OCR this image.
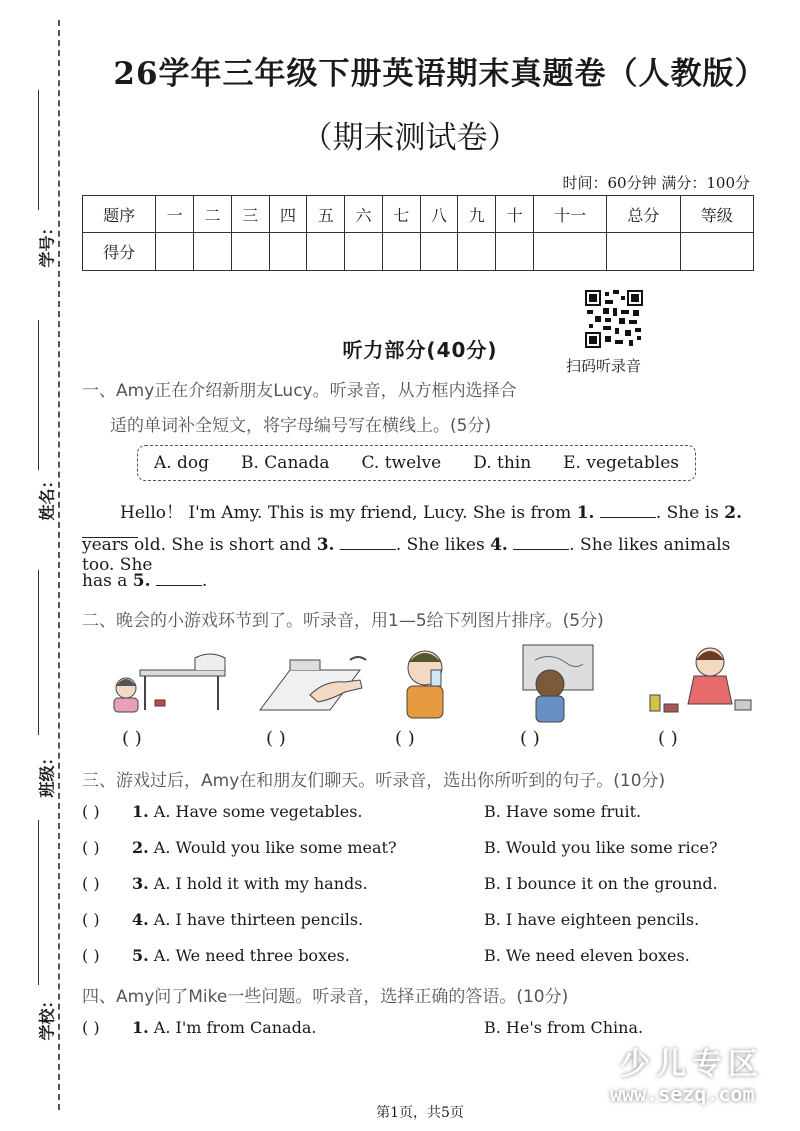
学号：
姓名：
班级：
学校：
26学年三年级下册英语期末真题卷（人教版）
（期末测试卷）
时间：60分钟 满分：100分
题序	一	二	三	四	五	六	七	八	九	十	十一	总分	等级
得分													
扫码听录音
听力部分(40分)
一、Amy正在介绍新朋友Lucy。听录音，从方框内选择合
适的单词补全短文，将字母编号写在横线上。(5分)
A. dog B. Canada C. twelve D. thin E. vegetables
Hello！ I'm Amy. This is my friend, Lucy. She is from 1.	. She is 2.
years old. She is short and 3.	. She likes 4.	. She likes animals too. She
has a 5.	.
二、晚会的小游戏环节到了。听录音，用1—5给下列图片排序。(5分)
( )	( )	( )	( )	( )
三、游戏过后，Amy在和朋友们聊天。听录音，选出你所听到的句子。(10分)
( ) 1. A. Have some vegetables.	B. Have some fruit.
( ) 2. A. Would you like some meat?	B. Would you like some rice?
( ) 3. A. I hold it with my hands.	B. I bounce it on the ground.
( ) 4. A. I have thirteen pencils.	B. I have eighteen pencils.
( ) 5. A. We need three boxes.	B. We need eleven boxes.
四、Amy问了Mike一些问题。听录音，选择正确的答语。(10分)
( ) 1. A. I'm from Canada.	B. He's from China.
少儿专区
www.sezq.com
第1页，共5页
